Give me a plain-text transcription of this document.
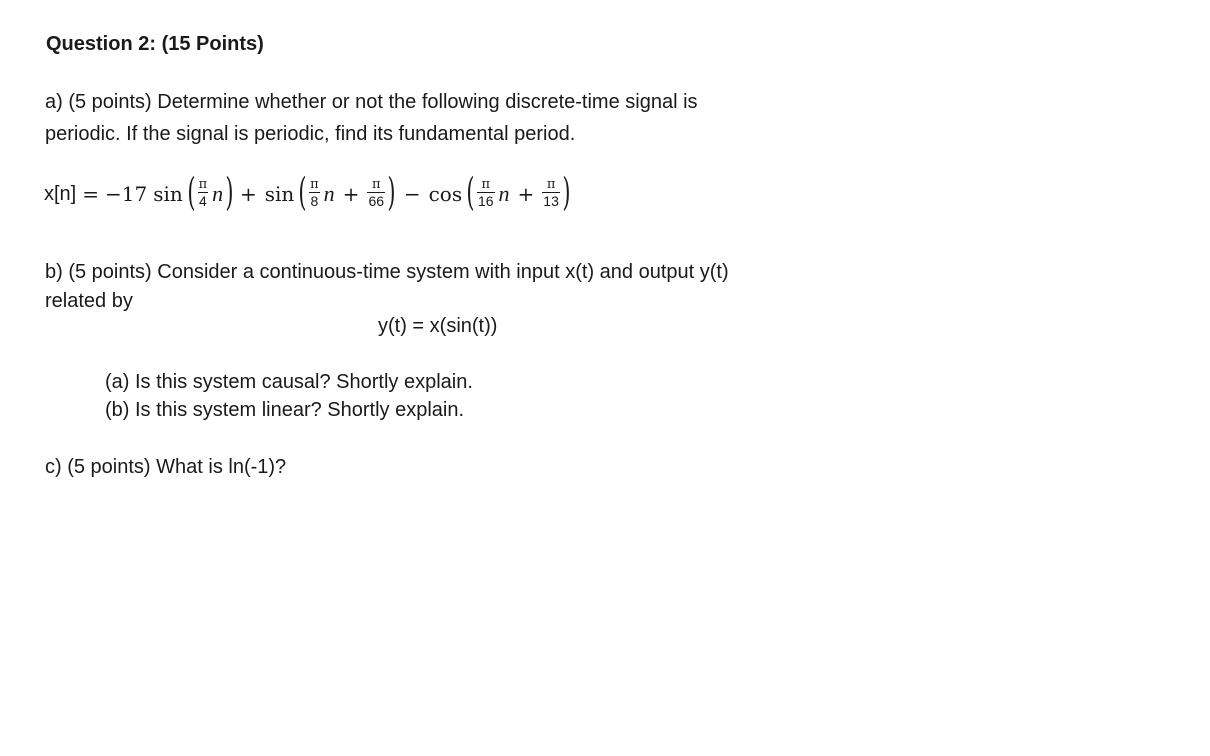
Question 2: (15 Points)
a) (5 points) Determine whether or not the following discrete-time signal is
periodic. If the signal is periodic, find its fundamental period.
x[n] = −17 sin ( $\frac{\pi}{4}$ n ) + sin ( $\frac{\pi}{8}$ $n + \frac{\pi}{66}$ ) − cos ( $\frac{\pi}{16}$ $n + \frac{\pi}{13}$ )
b) (5 points) Consider a continuous-time system with input x(t) and output y(t)
related by
y(t) = x(sin(t))
(a) Is this system causal? Shortly explain.
(b) Is this system linear? Shortly explain.
c) (5 points) What is ln(-1)?
